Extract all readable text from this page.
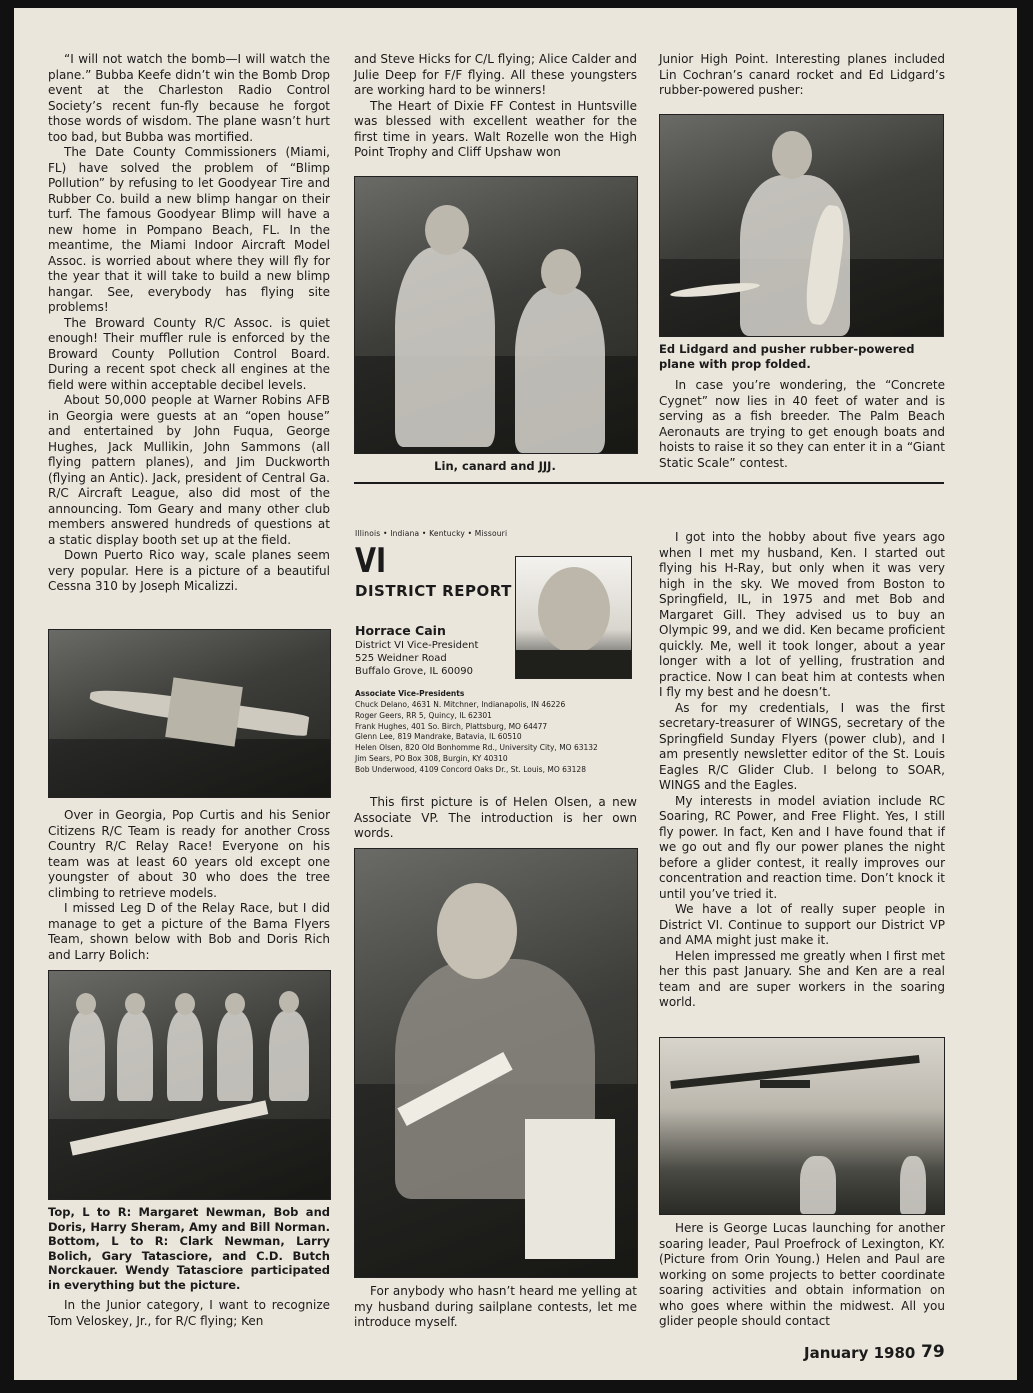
“I will not watch the bomb—I will watch the plane.” Bubba Keefe didn’t win the Bomb Drop event at the Charleston Radio Control Society’s recent fun-fly because he forgot those words of wisdom. The plane wasn’t hurt too bad, but Bubba was mortified.

The Date County Commissioners (Miami, FL) have solved the problem of “Blimp Pollution” by refusing to let Goodyear Tire and Rubber Co. build a new blimp hangar on their turf. The famous Goodyear Blimp will have a new home in Pompano Beach, FL. In the meantime, the Miami Indoor Aircraft Model Assoc. is worried about where they will fly for the year that it will take to build a new blimp hangar. See, everybody has flying site problems!

The Broward County R/C Assoc. is quiet enough! Their muffler rule is enforced by the Broward County Pollution Control Board. During a recent spot check all engines at the field were within acceptable decibel levels.

About 50,000 people at Warner Robins AFB in Georgia were guests at an “open house” and entertained by John Fuqua, George Hughes, Jack Mullikin, John Sammons (all flying pattern planes), and Jim Duckworth (flying an Antic). Jack, president of Central Ga. R/C Aircraft League, also did most of the announcing. Tom Geary and many other club members answered hundreds of questions at a static display booth set up at the field.

Down Puerto Rico way, scale planes seem very popular. Here is a picture of a beautiful Cessna 310 by Joseph Micalizzi.

Over in Georgia, Pop Curtis and his Senior Citizens R/C Team is ready for another Cross Country R/C Relay Race! Everyone on his team was at least 60 years old except one youngster of about 30 who does the tree climbing to retrieve models.

I missed Leg D of the Relay Race, but I did manage to get a picture of the Bama Flyers Team, shown below with Bob and Doris Rich and Larry Bolich:

Top, L to R: Margaret Newman, Bob and Doris, Harry Sheram, Amy and Bill Norman. Bottom, L to R: Clark Newman, Larry Bolich, Gary Tatasciore, and C.D. Butch Norckauer. Wendy Tatasciore participated in everything but the picture.

In the Junior category, I want to recognize Tom Veloskey, Jr., for R/C flying; Ken

and Steve Hicks for C/L flying; Alice Calder and Julie Deep for F/F flying. All these youngsters are working hard to be winners!

The Heart of Dixie FF Contest in Huntsville was blessed with excellent weather for the first time in years. Walt Rozelle won the High Point Trophy and Cliff Upshaw won

Lin, canard and JJJ.

Junior High Point. Interesting planes included Lin Cochran’s canard rocket and Ed Lidgard’s rubber-powered pusher:

Ed Lidgard and pusher rubber-powered plane with prop folded.

In case you’re wondering, the “Concrete Cygnet” now lies in 40 feet of water and is serving as a fish breeder. The Palm Beach Aeronauts are trying to get enough boats and hoists to raise it so they can enter it in a “Giant Static Scale” contest.

Illinois • Indiana • Kentucky • Missouri
VI
DISTRICT REPORT
Horrace Cain
District VI Vice-President
525 Weidner Road
Buffalo Grove, IL 60090
Associate Vice-Presidents
Chuck Delano, 4631 N. Mitchner, Indianapolis, IN 46226
Roger Geers, RR 5, Quincy, IL 62301
Frank Hughes, 401 So. Birch, Plattsburg, MO 64477
Glenn Lee, 819 Mandrake, Batavia, IL 60510
Helen Olsen, 820 Old Bonhomme Rd., University City, MO 63132
Jim Sears, PO Box 308, Burgin, KY 40310
Bob Underwood, 4109 Concord Oaks Dr., St. Louis, MO 63128

This first picture is of Helen Olsen, a new Associate VP. The introduction is her own words.

For anybody who hasn’t heard me yelling at my husband during sailplane contests, let me introduce myself.

I got into the hobby about five years ago when I met my husband, Ken. I started out flying his H-Ray, but only when it was very high in the sky. We moved from Boston to Springfield, IL, in 1975 and met Bob and Margaret Gill. They advised us to buy an Olympic 99, and we did. Ken became proficient quickly. Me, well it took longer, about a year longer with a lot of yelling, frustration and practice. Now I can beat him at contests when I fly my best and he doesn’t.

As for my credentials, I was the first secretary-treasurer of WINGS, secretary of the Springfield Sunday Flyers (power club), and I am presently newsletter editor of the St. Louis Eagles R/C Glider Club. I belong to SOAR, WINGS and the Eagles.

My interests in model aviation include RC Soaring, RC Power, and Free Flight. Yes, I still fly power. In fact, Ken and I have found that if we go out and fly our power planes the night before a glider contest, it really improves our concentration and reaction time. Don’t knock it until you’ve tried it.

We have a lot of really super people in District VI. Continue to support our District VP and AMA might just make it.

Helen impressed me greatly when I first met her this past January. She and Ken are a real team and are super workers in the soaring world.

Here is George Lucas launching for another soaring leader, Paul Proefrock of Lexington, KY. (Picture from Orin Young.) Helen and Paul are working on some projects to better coordinate soaring activities and obtain information on who goes where within the midwest. All you glider people should contact

January 1980 79
